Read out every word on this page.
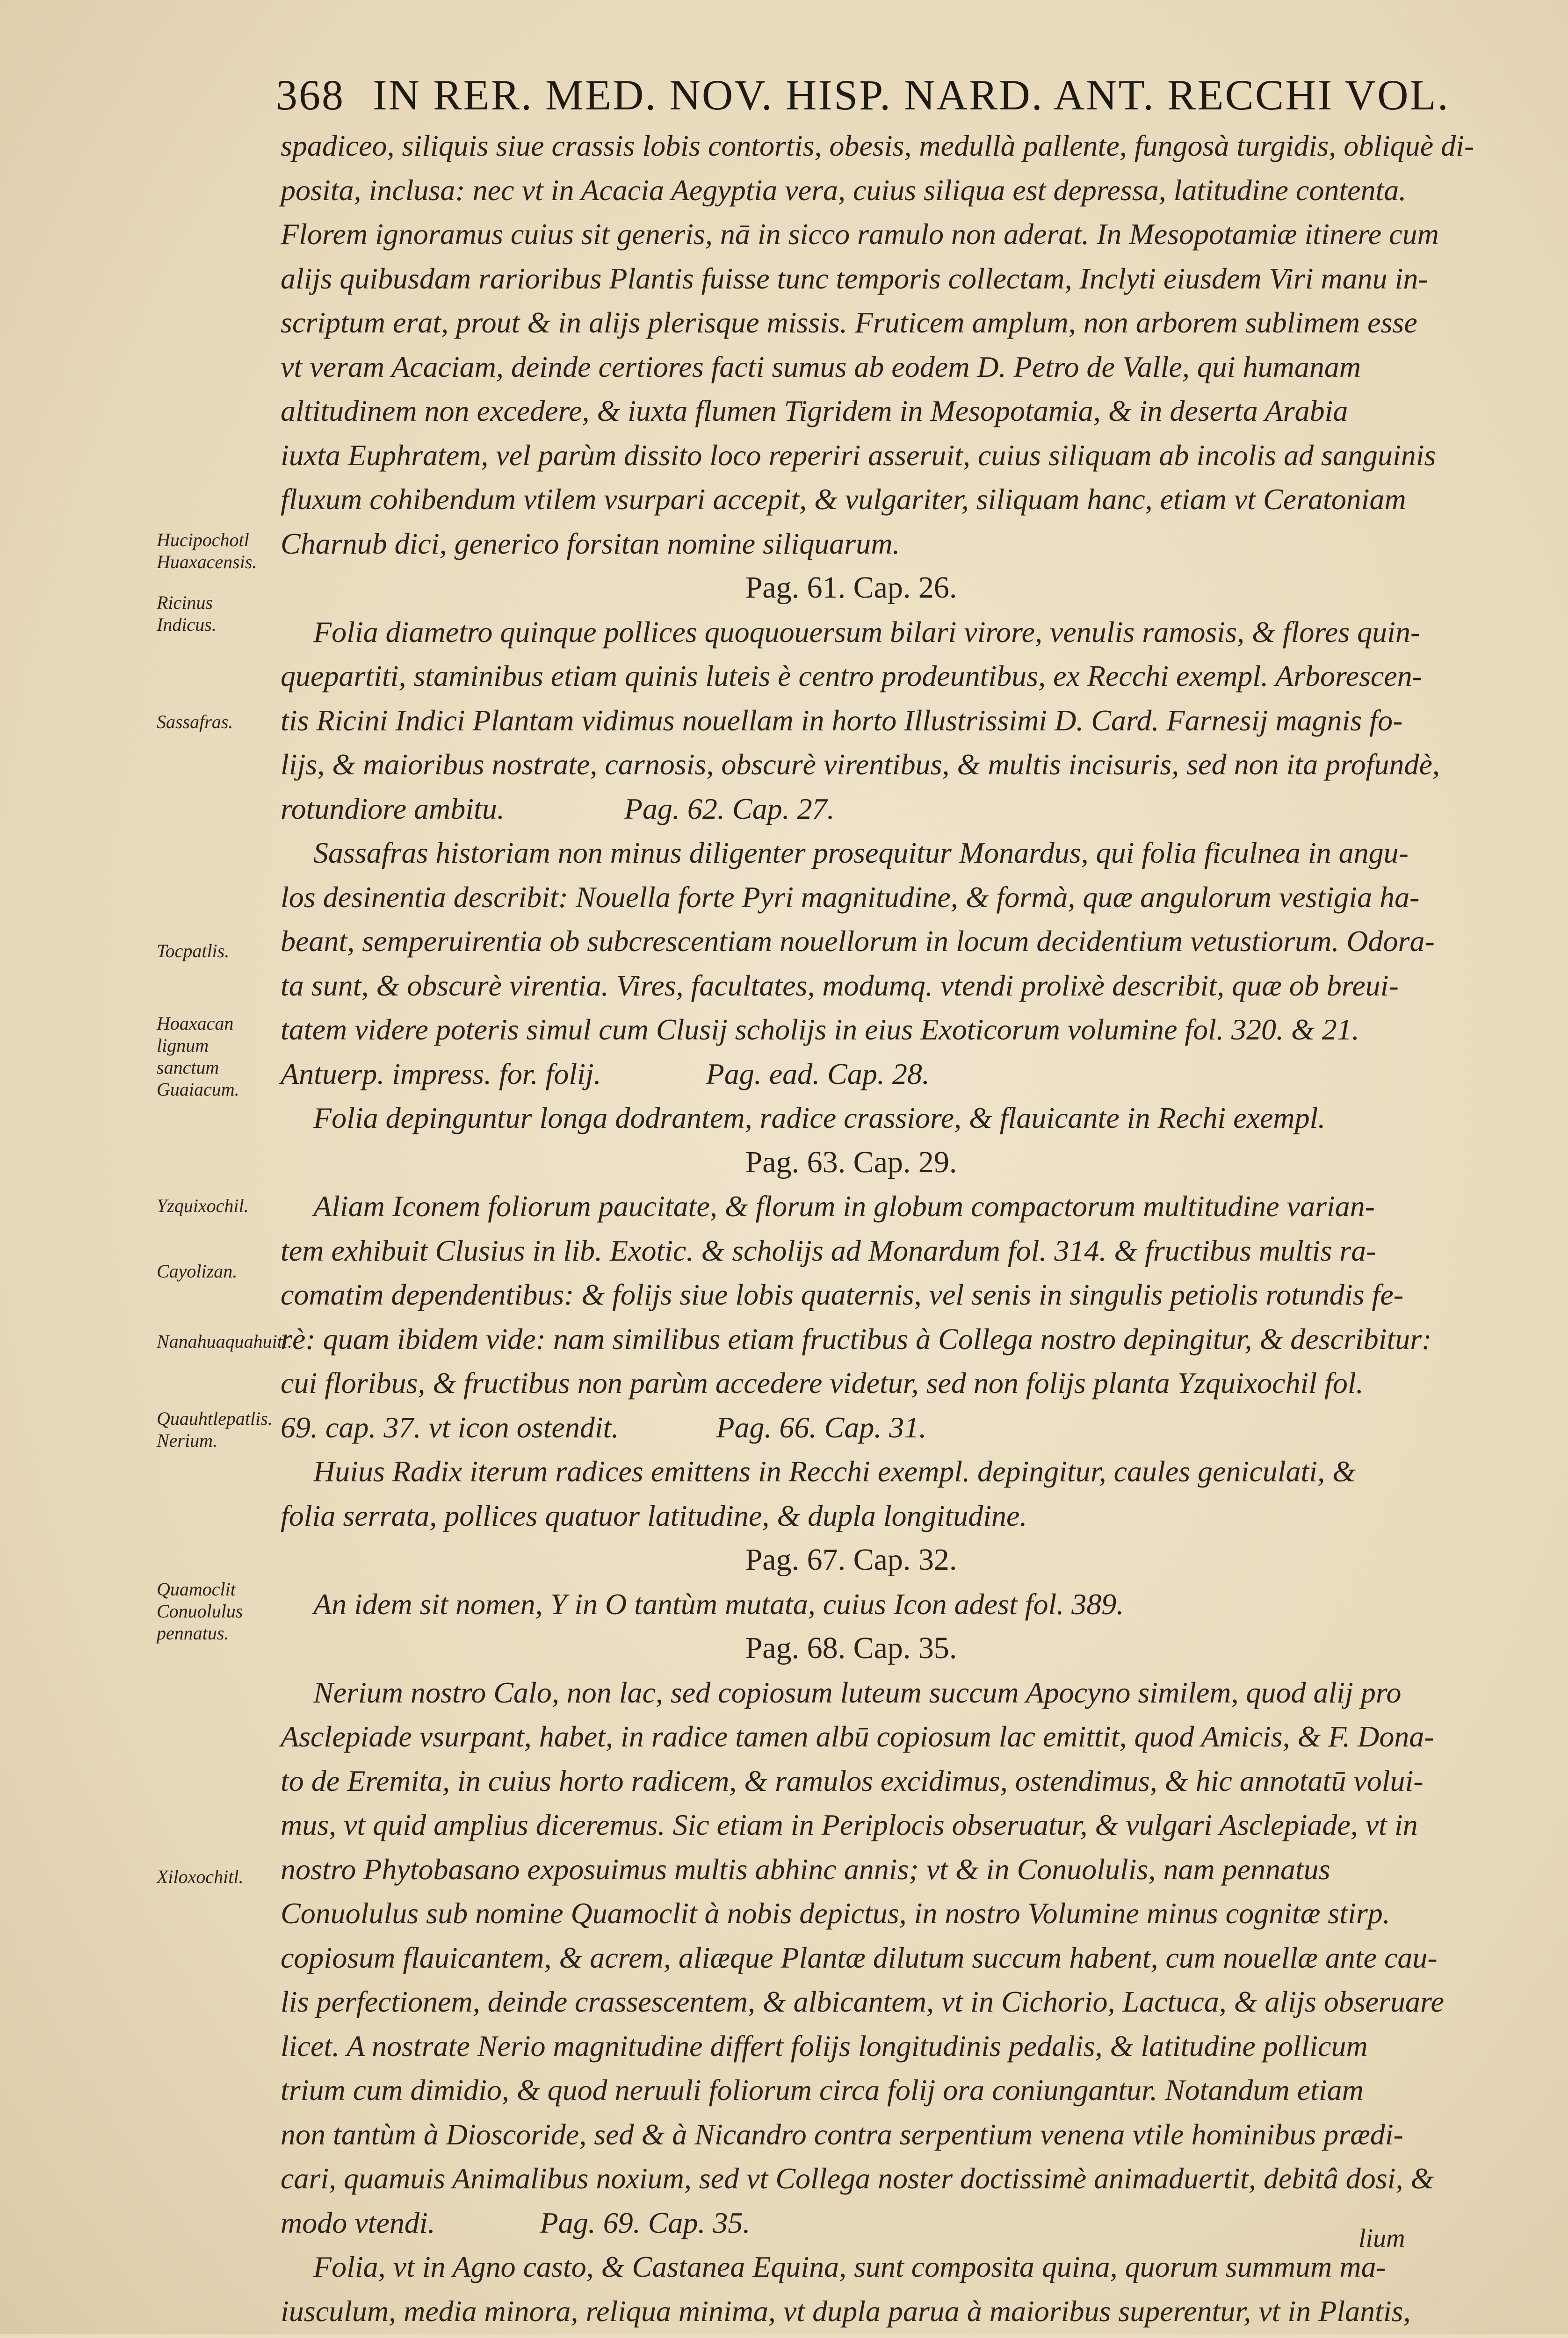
368 IN RER. MED. NOV. HISP. NARD. ANT. RECCHI VOL.
Hucipochotl Huaxacensis.
Ricinus Indicus.
Sassafras.
Tocpatlis.
Hoaxacan lignum sanctum Guaiacum.
Yzquixochil.
Cayolizan.
Nanahuaquahuitl.
Quauhtlepatlis. Nerium.
Quamoclit Conuolulus pennatus.
Xiloxochitl.
spadiceo, siliquis siue crassis lobis contortis, obesis, medullà pallente, fungosà turgidis, obliquè di-
posita, inclusa: nec vt in Acacia Aegyptia vera, cuius siliqua est depressa, latitudine contenta.
Florem ignoramus cuius sit generis, nā in sicco ramulo non aderat. In Mesopotamiæ itinere cum
alijs quibusdam rarioribus Plantis fuisse tunc temporis collectam, Inclyti eiusdem Viri manu in-
scriptum erat, prout & in alijs plerisque missis. Fruticem amplum, non arborem sublimem esse
vt veram Acaciam, deinde certiores facti sumus ab eodem D. Petro de Valle, qui humanam
altitudinem non excedere, & iuxta flumen Tigridem in Mesopotamia, & in deserta Arabia
iuxta Euphratem, vel parùm dissito loco reperiri asseruit, cuius siliquam ab incolis ad sanguinis
fluxum cohibendum vtilem vsurpari accepit, & vulgariter, siliquam hanc, etiam vt Ceratoniam
Charnub dici, generico forsitan nomine siliquarum.
Pag. 61. Cap. 26.
Folia diametro quinque pollices quoquouersum bilari virore, venulis ramosis, & flores quin-
quepartiti, staminibus etiam quinis luteis è centro prodeuntibus, ex Recchi exempl. Arborescen-
tis Ricini Indici Plantam vidimus nouellam in horto Illustrissimi D. Card. Farnesij magnis fo-
lijs, & maioribus nostrate, carnosis, obscurè virentibus, & multis incisuris, sed non ita profundè,
rotundiore ambitu.                Pag. 62. Cap. 27.
Sassafras historiam non minus diligenter prosequitur Monardus, qui folia ficulnea in angu-
los desinentia describit: Nouella forte Pyri magnitudine, & formà, quæ angulorum vestigia ha-
beant, semperuirentia ob subcrescentiam nouellorum in locum decidentium vetustiorum. Odora-
ta sunt, & obscurè virentia. Vires, facultates, modumq. vtendi prolixè describit, quæ ob breui-
tatem videre poteris simul cum Clusij scholijs in eius Exoticorum volumine fol. 320. & 21.
Antuerp. impress. for. folij.              Pag. ead. Cap. 28.
Folia depinguntur longa dodrantem, radice crassiore, & flauicante in Rechi exempl.
Pag. 63. Cap. 29.
Aliam Iconem foliorum paucitate, & florum in globum compactorum multitudine varian-
tem exhibuit Clusius in lib. Exotic. & scholijs ad Monardum fol. 314. & fructibus multis ra-
comatim dependentibus: & folijs siue lobis quaternis, vel senis in singulis petiolis rotundis fe-
rè: quam ibidem vide: nam similibus etiam fructibus à Collega nostro depingitur, & describitur:
cui floribus, & fructibus non parùm accedere videtur, sed non folijs planta Yzquixochil fol.
69. cap. 37. vt icon ostendit.             Pag. 66. Cap. 31.
Huius Radix iterum radices emittens in Recchi exempl. depingitur, caules geniculati, &
folia serrata, pollices quatuor latitudine, & dupla longitudine.
Pag. 67. Cap. 32.
An idem sit nomen, Y in O tantùm mutata, cuius Icon adest fol. 389.
Pag. 68. Cap. 35.
Nerium nostro Calo, non lac, sed copiosum luteum succum Apocyno similem, quod alij pro
Asclepiade vsurpant, habet, in radice tamen albū copiosum lac emittit, quod Amicis, & F. Dona-
to de Eremita, in cuius horto radicem, & ramulos excidimus, ostendimus, & hic annotatū volui-
mus, vt quid amplius diceremus. Sic etiam in Periplocis obseruatur, & vulgari Asclepiade, vt in
nostro Phytobasano exposuimus multis abhinc annis; vt & in Conuolulis, nam pennatus
Conuolulus sub nomine Quamoclit à nobis depictus, in nostro Volumine minus cognitæ stirp.
copiosum flauicantem, & acrem, aliæque Plantæ dilutum succum habent, cum nouellæ ante cau-
lis perfectionem, deinde crassescentem, & albicantem, vt in Cichorio, Lactuca, & alijs obseruare
licet. A nostrate Nerio magnitudine differt folijs longitudinis pedalis, & latitudine pollicum
trium cum dimidio, & quod neruuli foliorum circa folij ora coniungantur. Notandum etiam
non tantùm à Dioscoride, sed & à Nicandro contra serpentium venena vtile hominibus prædi-
cari, quamuis Animalibus noxium, sed vt Collega noster doctissimè animaduertit, debitâ dosi, &
modo vtendi.              Pag. 69. Cap. 35.
Folia, vt in Agno casto, & Castanea Equina, sunt composita quina, quorum summum ma-
iusculum, media minora, reliqua minima, vt dupla parua à maioribus superentur, vt in Plantis,
lium
